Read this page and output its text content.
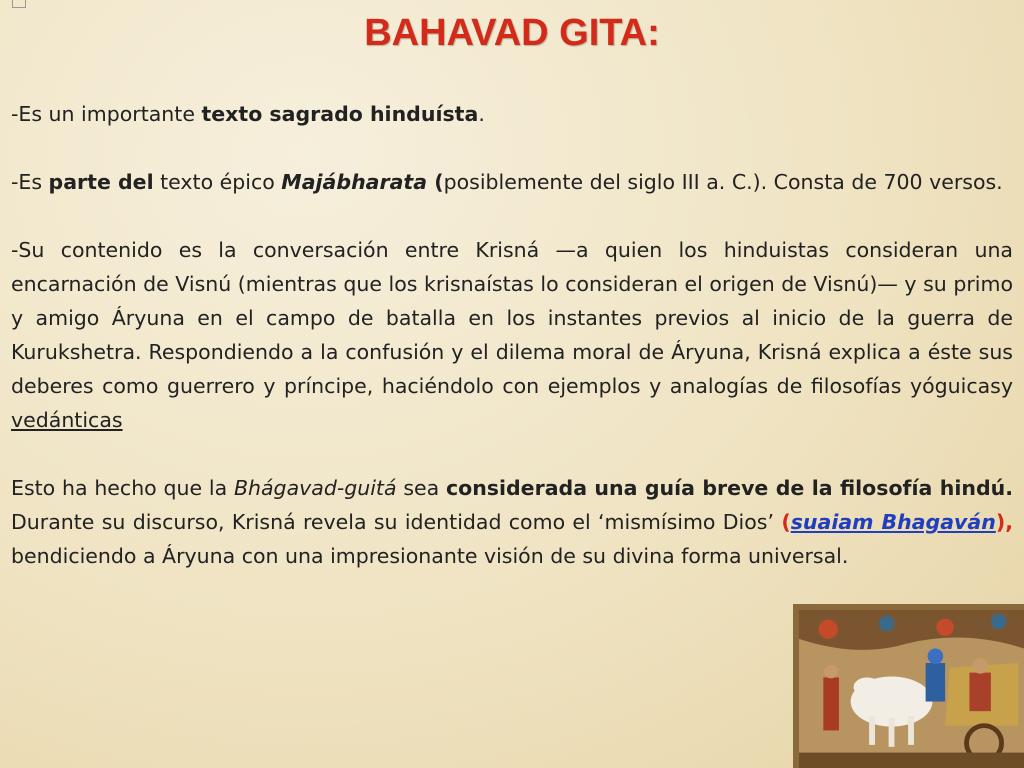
BAHAVAD GITA:

-Es un importante texto sagrado hinduísta.

-Es parte del texto épico Majábharata (posiblemente del siglo III a. C.). Consta de 700 versos.

-Su contenido es la conversación entre Krisná —a quien los hinduistas consideran una encarnación de Visnú (mientras que los krisnaístas lo consideran el origen de Visnú)— y su primo y amigo Áryuna en el campo de batalla en los instantes previos al inicio de la guerra de Kurukshetra. Respondiendo a la confusión y el dilema moral de Áryuna, Krisná explica a éste sus deberes como guerrero y príncipe, haciéndolo con ejemplos y analogías de filosofías yóguicasy vedánticas

Esto ha hecho que la Bhágavad-guitá sea considerada una guía breve de la filosofía hindú. Durante su discurso, Krisná revela su identidad como el ‘mismísimo Dios’ (suaiam Bhagaván), bendiciendo a Áryuna con una impresionante visión de su divina forma universal.
